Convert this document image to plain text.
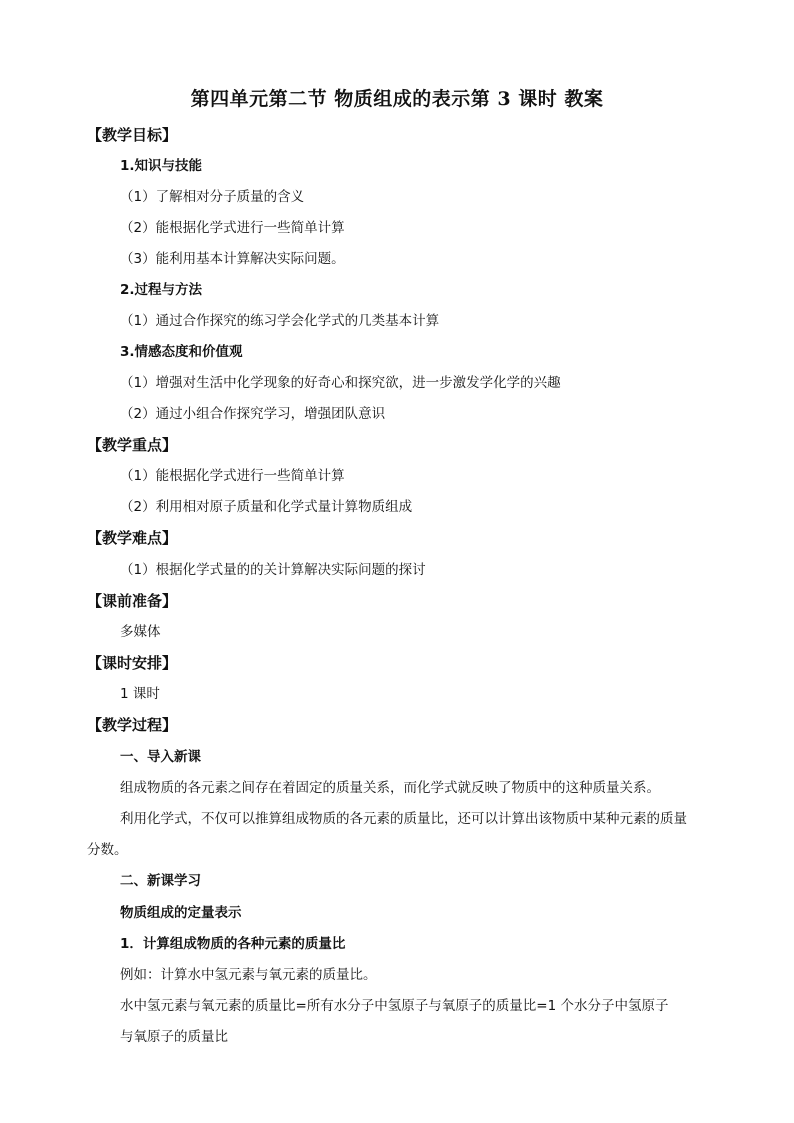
第四单元第二节 物质组成的表示第 3 课时 教案
【教学目标】
1.知识与技能
（1）了解相对分子质量的含义
（2）能根据化学式进行一些简单计算
（3）能利用基本计算解决实际问题。
2.过程与方法
（1）通过合作探究的练习学会化学式的几类基本计算
3.情感态度和价值观
（1）增强对生活中化学现象的好奇心和探究欲，进一步激发学化学的兴趣
（2）通过小组合作探究学习，增强团队意识
【教学重点】
（1）能根据化学式进行一些简单计算
（2）利用相对原子质量和化学式量计算物质组成
【教学难点】
（1）根据化学式量的的关计算解决实际问题的探讨
【课前准备】
多媒体
【课时安排】
1 课时
【教学过程】
一、导入新课
组成物质的各元素之间存在着固定的质量关系，而化学式就反映了物质中的这种质量关系。
利用化学式，不仅可以推算组成物质的各元素的质量比，还可以计算出该物质中某种元素的质量
分数。
二、新课学习
物质组成的定量表示
1．计算组成物质的各种元素的质量比
例如：计算水中氢元素与氧元素的质量比。
水中氢元素与氧元素的质量比=所有水分子中氢原子与氧原子的质量比=1 个水分子中氢原子
与氧原子的质量比
